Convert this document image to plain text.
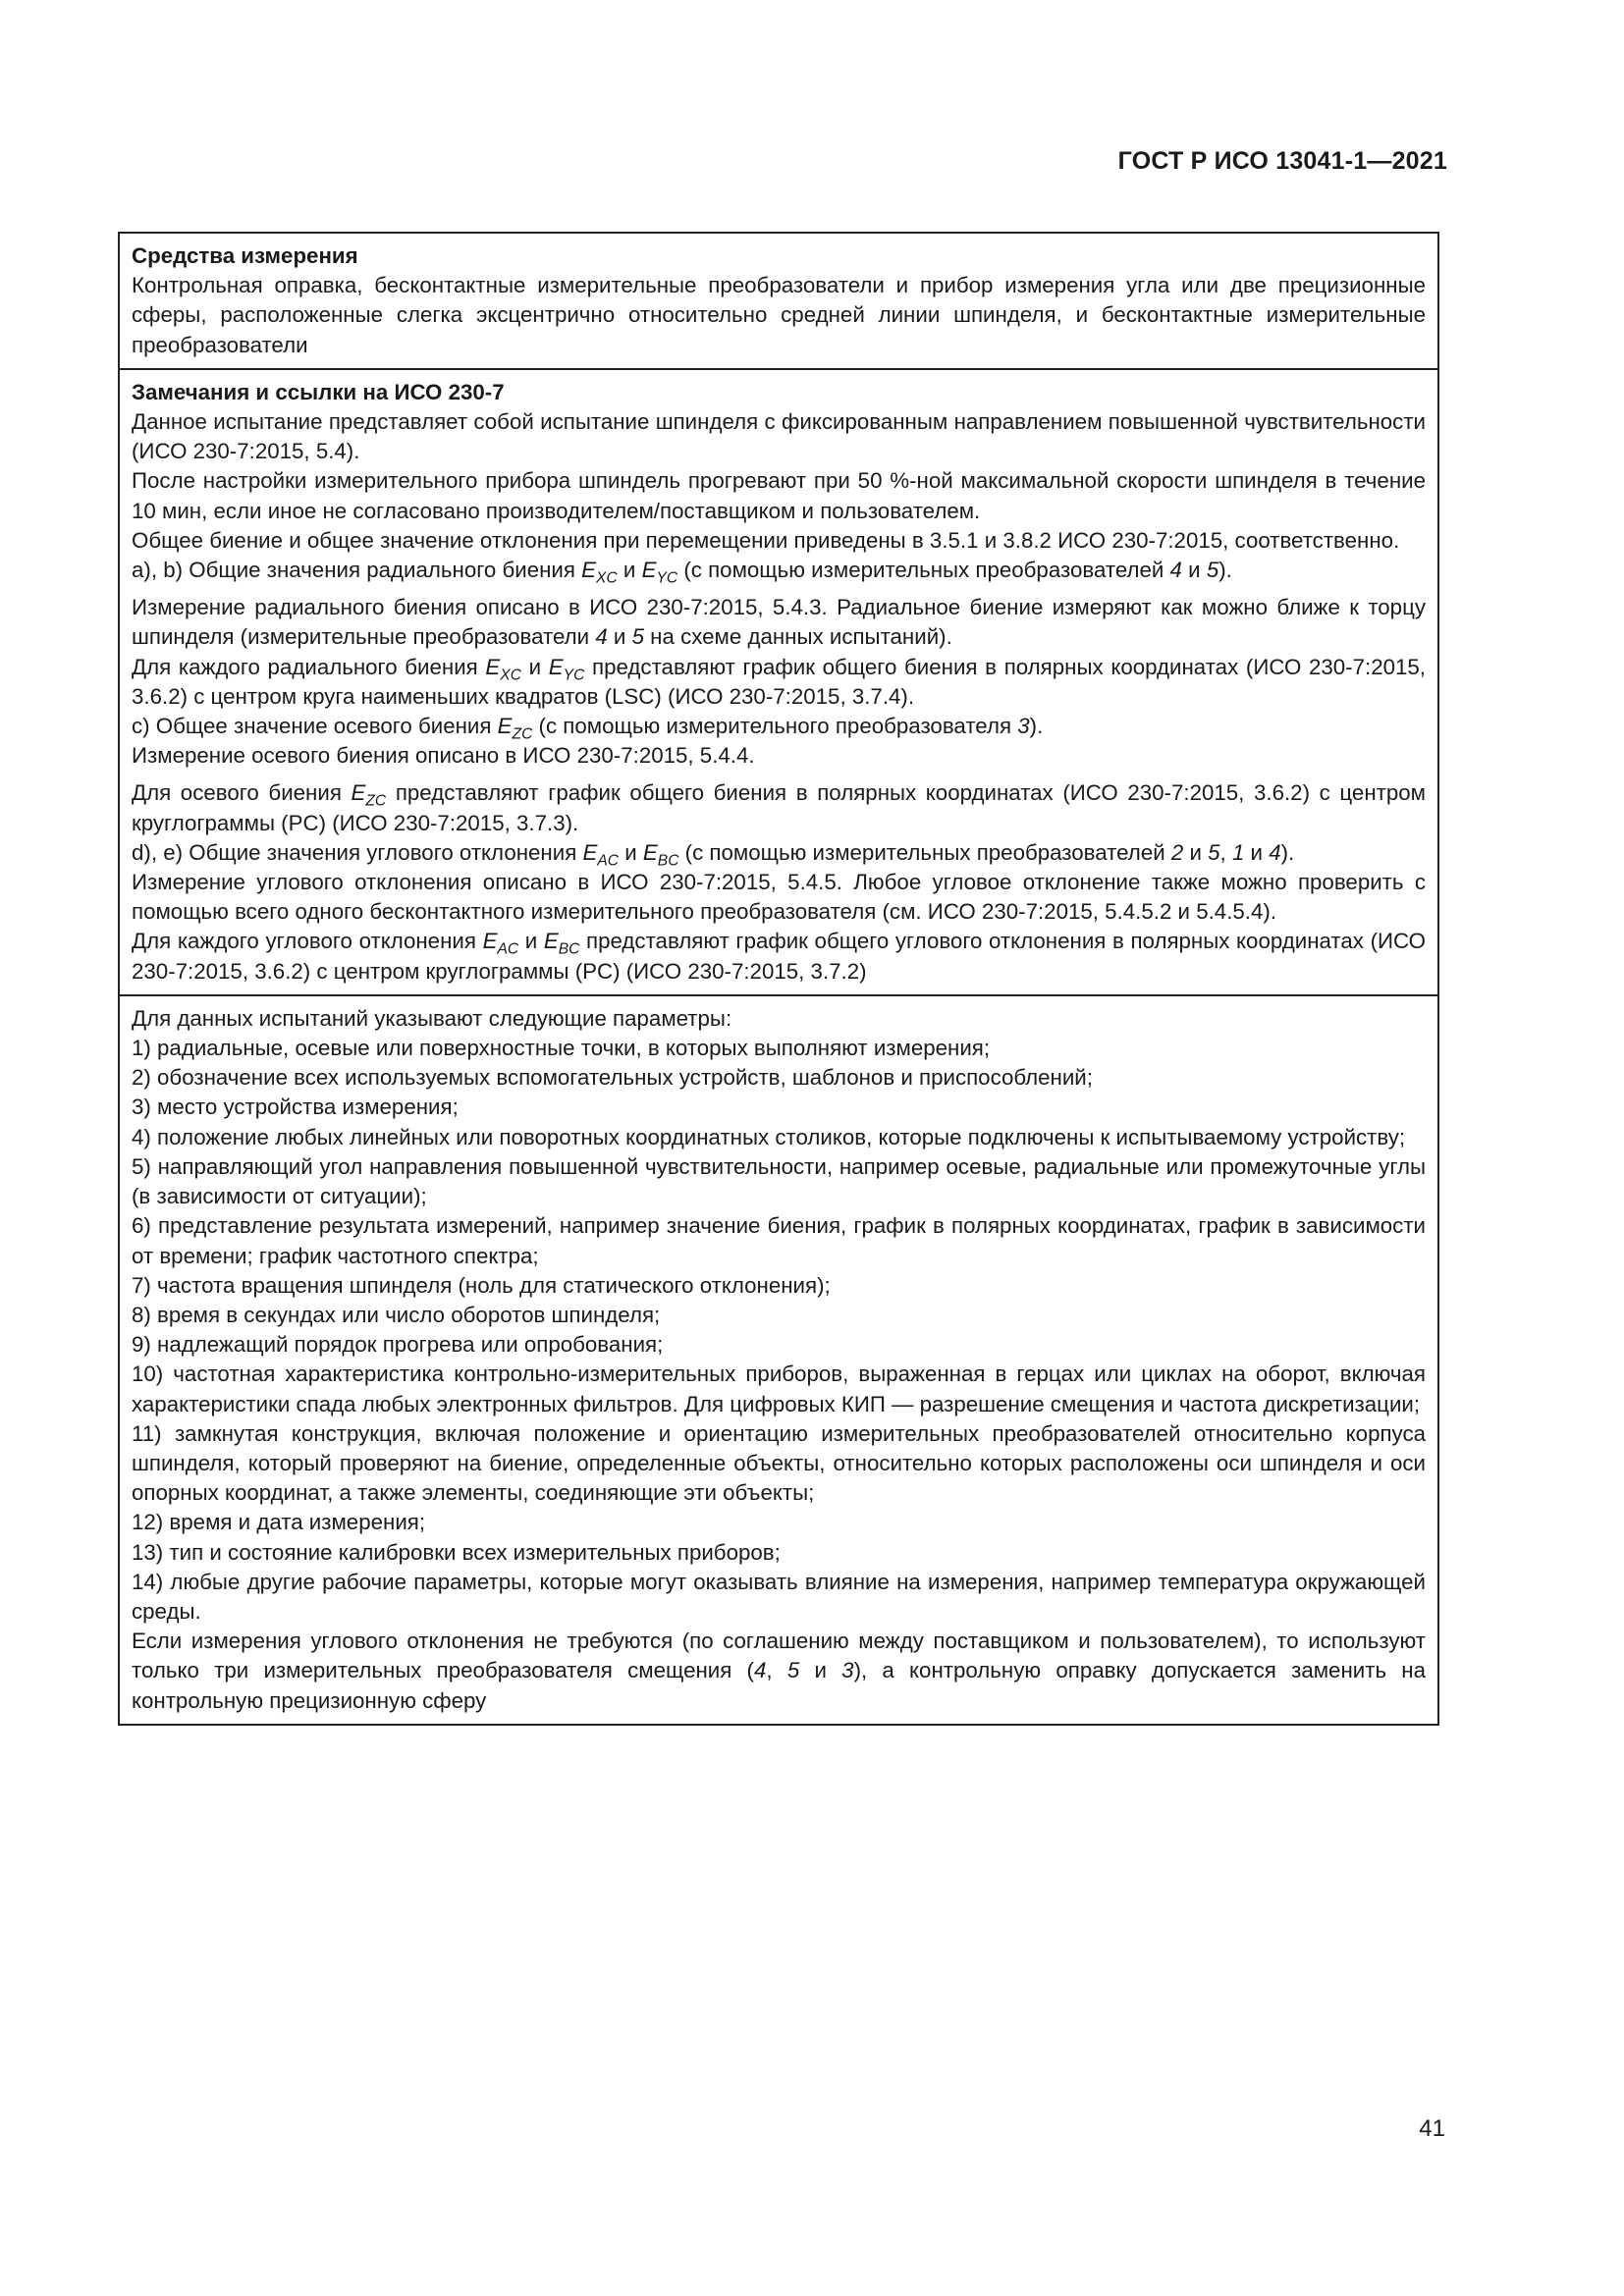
ГОСТ Р ИСО 13041-1—2021

Средства измерения

Контрольная оправка, бесконтактные измерительные преобразователи и прибор измерения угла или две прецизионные сферы, расположенные слегка эксцентрично относительно средней линии шпинделя, и бесконтактные измерительные преобразователи

Замечания и ссылки на ИСО 230-7

Данное испытание представляет собой испытание шпинделя с фиксированным направлением повышенной чувствительности (ИСО 230-7:2015, 5.4).

После настройки измерительного прибора шпиндель прогревают при 50 %-ной максимальной скорости шпинделя в течение 10 мин, если иное не согласовано производителем/поставщиком и пользователем.

Общее биение и общее значение отклонения при перемещении приведены в 3.5.1 и 3.8.2 ИСО 230-7:2015, соответственно.

a), b) Общие значения радиального биения $E_{XC}$ и $E_{YC}$ (с помощью измерительных преобразователей 4 и 5).

Измерение радиального биения описано в ИСО 230-7:2015, 5.4.3. Радиальное биение измеряют как можно ближе к торцу шпинделя (измерительные преобразователи 4 и 5 на схеме данных испытаний).

Для каждого радиального биения $E_{XC}$ и $E_{YC}$ представляют график общего биения в полярных координатах (ИСО 230-7:2015, 3.6.2) с центром круга наименьших квадратов (LSC) (ИСО 230-7:2015, 3.7.4).

c) Общее значение осевого биения $E_{ZC}$ (с помощью измерительного преобразователя 3).

Измерение осевого биения описано в ИСО 230-7:2015, 5.4.4.

Для осевого биения $E_{ZC}$ представляют график общего биения в полярных координатах (ИСО 230-7:2015, 3.6.2) с центром круглограммы (PC) (ИСО 230-7:2015, 3.7.3).

d), e) Общие значения углового отклонения $E_{AC}$ и $E_{BC}$ (с помощью измерительных преобразователей 2 и 5, 1 и 4).

Измерение углового отклонения описано в ИСО 230-7:2015, 5.4.5. Любое угловое отклонение также можно проверить с помощью всего одного бесконтактного измерительного преобразователя (см. ИСО 230-7:2015, 5.4.5.2 и 5.4.5.4).

Для каждого углового отклонения $E_{AC}$ и $E_{BC}$ представляют график общего углового отклонения в полярных координатах (ИСО 230-7:2015, 3.6.2) с центром круглограммы (PC) (ИСО 230-7:2015, 3.7.2)

Для данных испытаний указывают следующие параметры:

1) радиальные, осевые или поверхностные точки, в которых выполняют измерения;

2) обозначение всех используемых вспомогательных устройств, шаблонов и приспособлений;

3) место устройства измерения;

4) положение любых линейных или поворотных координатных столиков, которые подключены к испытываемому устройству;

5) направляющий угол направления повышенной чувствительности, например осевые, радиальные или промежуточные углы (в зависимости от ситуации);

6) представление результата измерений, например значение биения, график в полярных координатах, график в зависимости от времени; график частотного спектра;

7) частота вращения шпинделя (ноль для статического отклонения);

8) время в секундах или число оборотов шпинделя;

9) надлежащий порядок прогрева или опробования;

10) частотная характеристика контрольно-измерительных приборов, выраженная в герцах или циклах на оборот, включая характеристики спада любых электронных фильтров. Для цифровых КИП — разрешение смещения и частота дискретизации;

11) замкнутая конструкция, включая положение и ориентацию измерительных преобразователей относительно корпуса шпинделя, который проверяют на биение, определенные объекты, относительно которых расположены оси шпинделя и оси опорных координат, а также элементы, соединяющие эти объекты;

12) время и дата измерения;

13) тип и состояние калибровки всех измерительных приборов;

14) любые другие рабочие параметры, которые могут оказывать влияние на измерения, например температура окружающей среды.

Если измерения углового отклонения не требуются (по соглашению между поставщиком и пользователем), то используют только три измерительных преобразователя смещения (4, 5 и 3), а контрольную оправку допускается заменить на контрольную прецизионную сферу

41
